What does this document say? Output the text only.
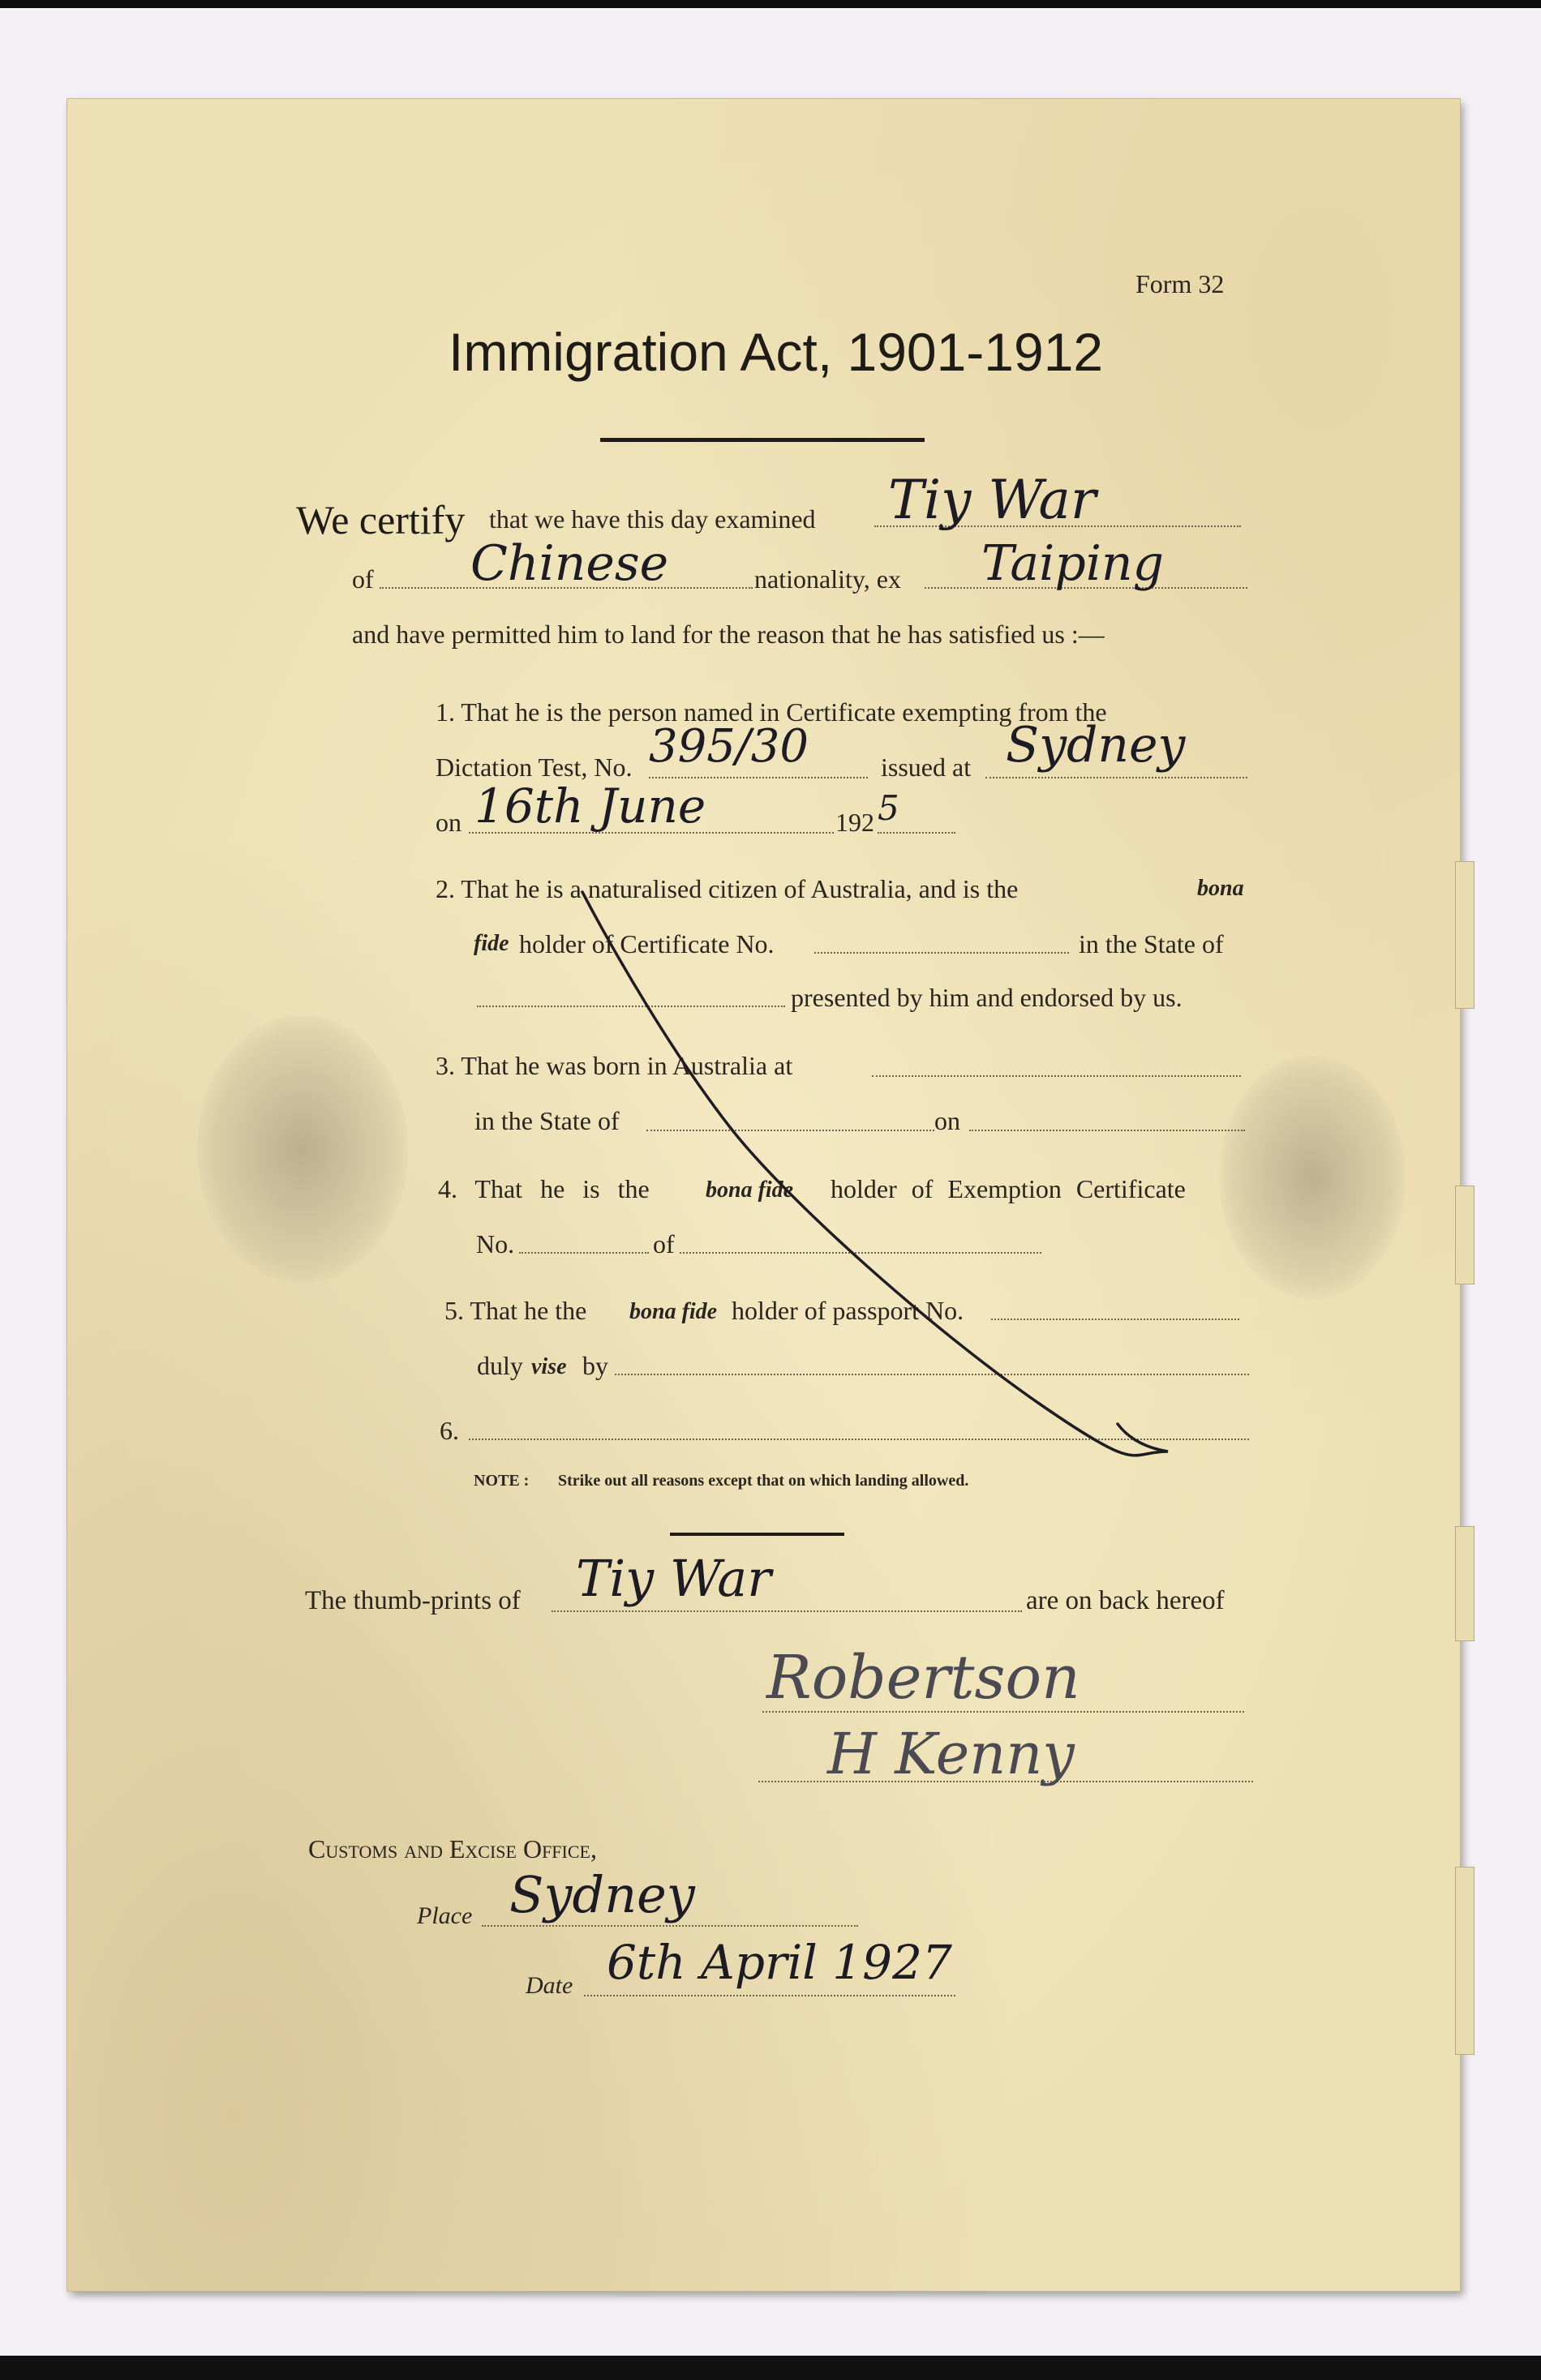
Form 32
Immigration Act, 1901-1912
We certify that we have this day examined Tiy War
of Chinese	nationality, ex Taiping
and have permitted him to land for the reason that he has satisfied us :—
1. That he is the person named in Certificate exempting from the
Dictation Test, No. 395/30	issued at Sydney
on 16th June	192 5
2. That he is a naturalised citizen of Australia, and is the	bona
fide holder of Certificate No.	in the State of
presented by him and endorsed by us.
3. That he was born in Australia at
in the State of	on
4. That he is the bona fide holder of Exemption Certificate
No.	of
5. That he the bona fide holder of passport No.
duly vise by
6.
NOTE : Strike out all reasons except that on which landing allowed.
The thumb-prints of Tiy War	are on back hereof
Robertson
H Kenny
Customs and Excise Office,
Place Sydney
Date 6th April 1927
